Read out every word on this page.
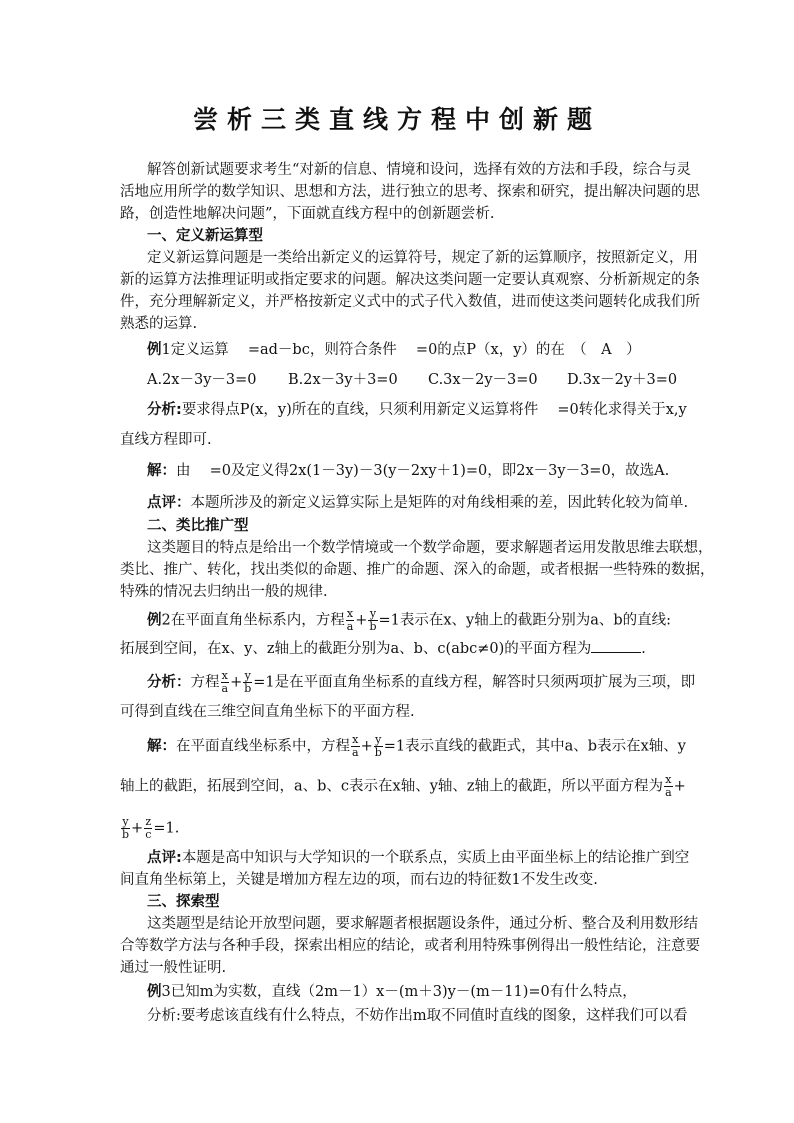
尝析三类直线方程中创新题
解答创新试题要求考生“对新的信息、情境和设问，选择有效的方法和手段，综合与灵
活地应用所学的数学知识、思想和方法，进行独立的思考、探索和研究，提出解决问题的思
路，创造性地解决问题”，下面就直线方程中的创新题尝析.
一、定义新运算型
定义新运算问题是一类给出新定义的运算符号，规定了新的运算顺序，按照新定义，用
新的运算方法推理证明或指定要求的问题。解决这类问题一定要认真观察、分析新规定的条
件，充分理解新定义，并严格按新定义式中的式子代入数值，进而使这类问题转化成我们所
熟悉的运算.
例1定义运算　 =ad－bc，则符合条件　 =0的点P（x，y）的在　（　A　）
A.2x－3y－3=0 B.2x－3y＋3=0 C.3x－2y－3=0 D.3x－2y＋3=0
分析:要求得点P(x，y)所在的直线，只须利用新定义运算将件　 =0转化求得关于x,y
直线方程即可.
解：由　 =0及定义得2x(1－3y)－3(y－2xy＋1)=0，即2x－3y－3=0，故选A.
点评：本题所涉及的新定义运算实际上是矩阵的对角线相乘的差，因此转化较为简单.
二、类比推广型
这类题目的特点是给出一个数学情境或一个数学命题，要求解题者运用发散思维去联想，
类比、推广、转化，找出类似的命题、推广的命题、深入的命题，或者根据一些特殊的数据，
特殊的情况去归纳出一般的规律.
例2在平面直角坐标系内，方程 $\frac{x}{a} + \frac{y}{b} =1$表示在x、y轴上的截距分别为a、b的直线:
拓展到空间，在x、y、z轴上的截距分别为a、b、c(abc≠0)的平面方程为	.
分析：方程 $\frac{x}{a} + \frac{y}{b} =1$是在平面直角坐标系的直线方程，解答时只须两项扩展为三项，即
可得到直线在三维空间直角坐标下的平面方程.
解：在平面直线坐标系中，方程 $\frac{x}{a} + \frac{y}{b} =1$表示直线的截距式，其中a、b表示在x轴、y
轴上的截距，拓展到空间，a、b、c表示在x轴、y轴、z轴上的截距，所以平面方程为 $\frac{x}{a}$ +
$\frac{y}{b} + \frac{z}{c} =1$.
点评:本题是高中知识与大学知识的一个联系点，实质上由平面坐标上的结论推广到空
间直角坐标第上，关键是增加方程左边的项，而右边的特征数1不发生改变.
三、探索型
这类题型是结论开放型问题，要求解题者根据题设条件，通过分析、整合及利用数形结
合等数学方法与各种手段，探索出相应的结论，或者利用特殊事例得出一般性结论，注意要
通过一般性证明.
例3已知m为实数，直线（2m－1）x－(m＋3)y－(m－11)=0有什么特点，
分析:要考虑该直线有什么特点，不妨作出m取不同值时直线的图象，这样我们可以看
